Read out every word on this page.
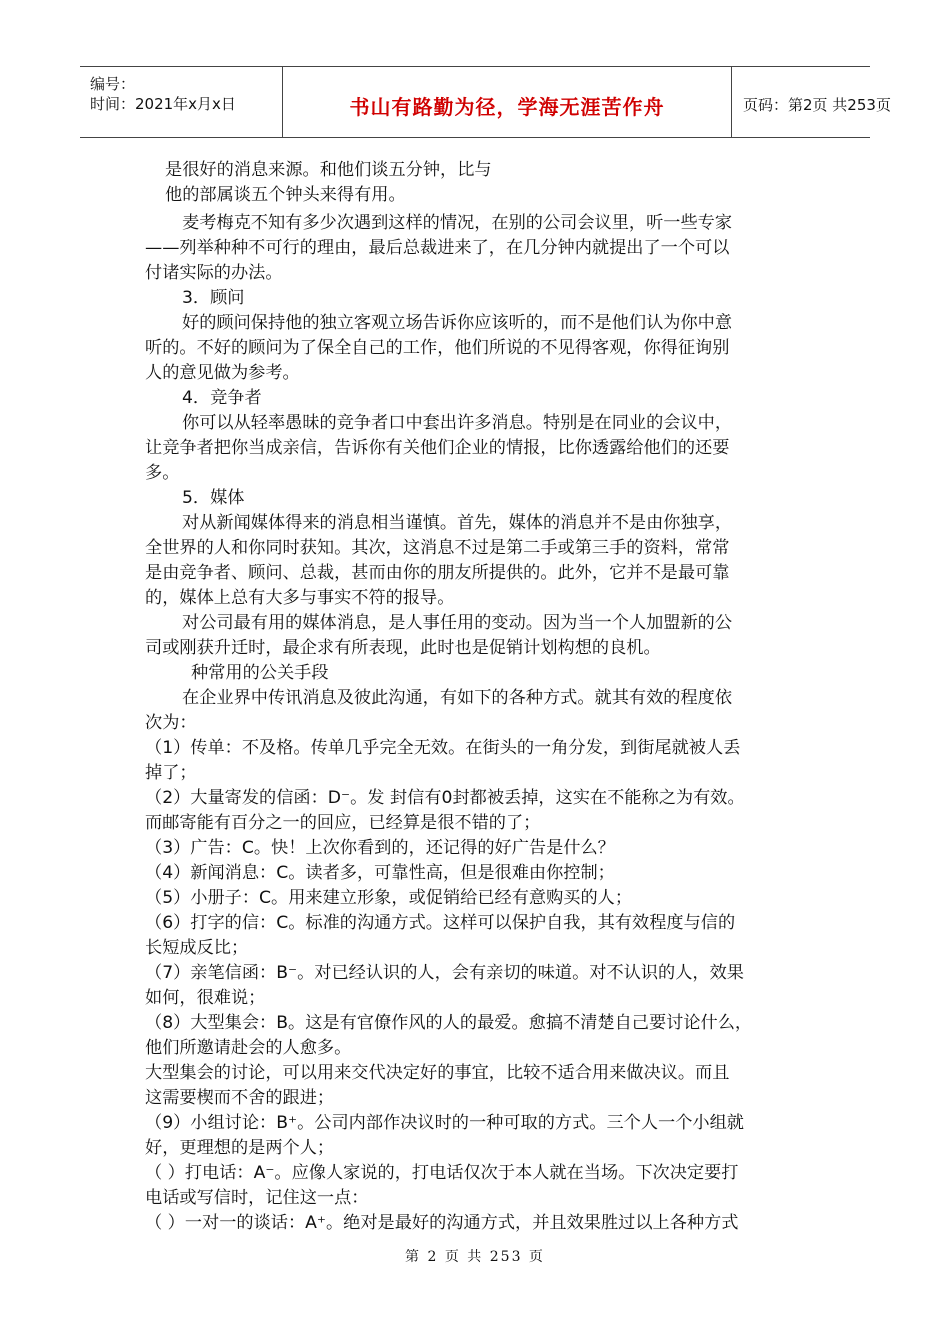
编号：
时间：2021年x月x日	书山有路勤为径，学海无涯苦作舟	页码：第2页 共253页
是很好的消息来源。和他们谈五分钟，比与
他的部属谈五个钟头来得有用。
麦考梅克不知有多少次遇到这样的情况，在别的公司会议里，听一些专家
——列举种种不可行的理由，最后总裁进来了，在几分钟内就提出了一个可以
付诸实际的办法。
3．顾问
好的顾问保持他的独立客观立场告诉你应该听的，而不是他们认为你中意
听的。不好的顾问为了保全自己的工作，他们所说的不见得客观，你得征询别
人的意见做为参考。
4．竞争者
你可以从轻率愚昧的竞争者口中套出许多消息。特别是在同业的会议中，
让竞争者把你当成亲信，告诉你有关他们企业的情报，比你透露给他们的还要
多。
5．媒体
对从新闻媒体得来的消息相当谨慎。首先，媒体的消息并不是由你独享，
全世界的人和你同时获知。其次，这消息不过是第二手或第三手的资料，常常
是由竞争者、顾问、总裁，甚而由你的朋友所提供的。此外，它并不是最可靠
的，媒体上总有大多与事实不符的报导。
对公司最有用的媒体消息，是人事任用的变动。因为当一个人加盟新的公
司或刚获升迁时，最企求有所表现，此时也是促销计划构想的良机。
种常用的公关手段
在企业界中传讯消息及彼此沟通，有如下的各种方式。就其有效的程度依
次为：
（1）传单：不及格。传单几乎完全无效。在街头的一角分发，到街尾就被人丢
掉了；
（2）大量寄发的信函：D⁻。发 封信有0封都被丢掉，这实在不能称之为有效。
而邮寄能有百分之一的回应，已经算是很不错的了；
（3）广告：C。快！上次你看到的，还记得的好广告是什么？
（4）新闻消息：C。读者多，可靠性高，但是很难由你控制；
（5）小册子：C。用来建立形象，或促销给已经有意购买的人；
（6）打字的信：C。标准的沟通方式。这样可以保护自我，其有效程度与信的
长短成反比；
（7）亲笔信函：B⁻。对已经认识的人，会有亲切的味道。对不认识的人，效果
如何，很难说；
（8）大型集会：B。这是有官僚作风的人的最爱。愈搞不清楚自己要讨论什么，
他们所邀请赴会的人愈多。
大型集会的讨论，可以用来交代决定好的事宜，比较不适合用来做决议。而且
这需要楔而不舍的跟进；
（9）小组讨论：B⁺。公司内部作决议时的一种可取的方式。三个人一个小组就
好，更理想的是两个人；
（ ）打电话：A⁻。应像人家说的，打电话仅次于本人就在当场。下次决定要打
电话或写信时，记住这一点：
（ ）一对一的谈话：A⁺。绝对是最好的沟通方式，并且效果胜过以上各种方式
第 2 页 共 253 页
